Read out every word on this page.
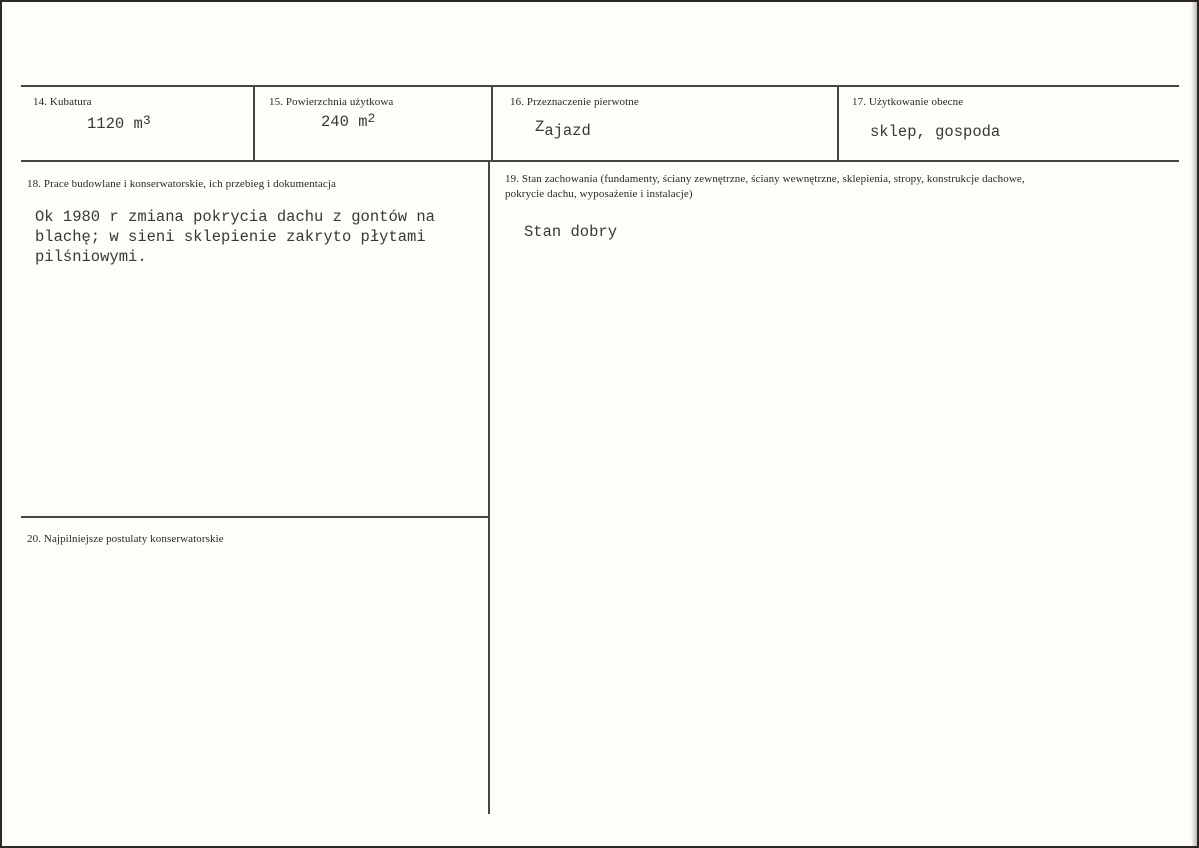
14. Kubatura
1120 $m^3$
15. Powierzchnia użytkowa
240 $m^2$
16. Przeznaczenie pierwotne
Zajazd
17. Użytkowanie obecne
sklep, gospoda
18. Prace budowlane i konserwatorskie, ich przebieg i dokumentacja
Ok 1980 r zmiana pokrycia dachu z gontów na blachę; w sieni sklepienie zakryto płytami pilśniowymi.
19. Stan zachowania (fundamenty, ściany zewnętrzne, ściany wewnętrzne, sklepienia, stropy, konstrukcje dachowe, pokrycie dachu, wyposażenie i instalacje)
Stan dobry
20. Najpilniejsze postulaty konserwatorskie
